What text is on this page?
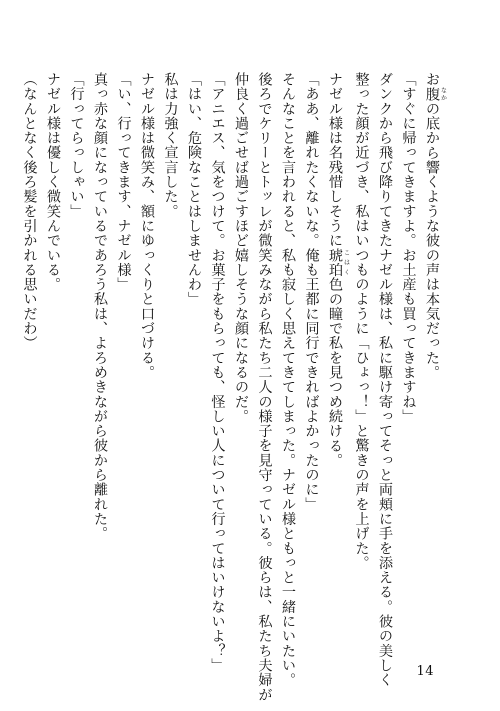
お腹 なかの底から響くような彼の声は本気だった。
「すぐに帰ってきますよ。お土産も買ってきますね」
ダンクから飛び降りてきたナゼル様は、私に駆け寄ってそっと両頬に手を添える。彼の美しく
整った顔が近づき、私はいつものように「ひょっ！」と驚きの声を上げた。
ナゼル様は名残惜しそうに琥珀 こはく色の瞳で私を見つめ続ける。
「ああ、離れたくないな。俺も王都に同行できればよかったのに」
そんなことを言われると、私も寂しく思えてきてしまった。ナゼル様ともっと一緒にいたい。
後ろでケリーとトッレが微笑みながら私たち二人の様子を見守っている。彼らは、私たち夫婦が
仲良く過ごせば過ごすほど嬉しそうな顔になるのだ。
「アニエス、気をつけて。お菓子をもらっても、怪しい人について行ってはいけないよ？」
「はい、危険なことはしませんわ」
私は力強く宣言した。
ナゼル様は微笑み、額にゆっくりと口づける。
「い、行ってきます、ナゼル様」
真っ赤な顔になっているであろう私は、よろめきながら彼から離れた。
「行ってらっしゃい」
ナゼル様は優しく微笑んでいる。
（なんとなく後ろ髪を引かれる思いだわ）
14
